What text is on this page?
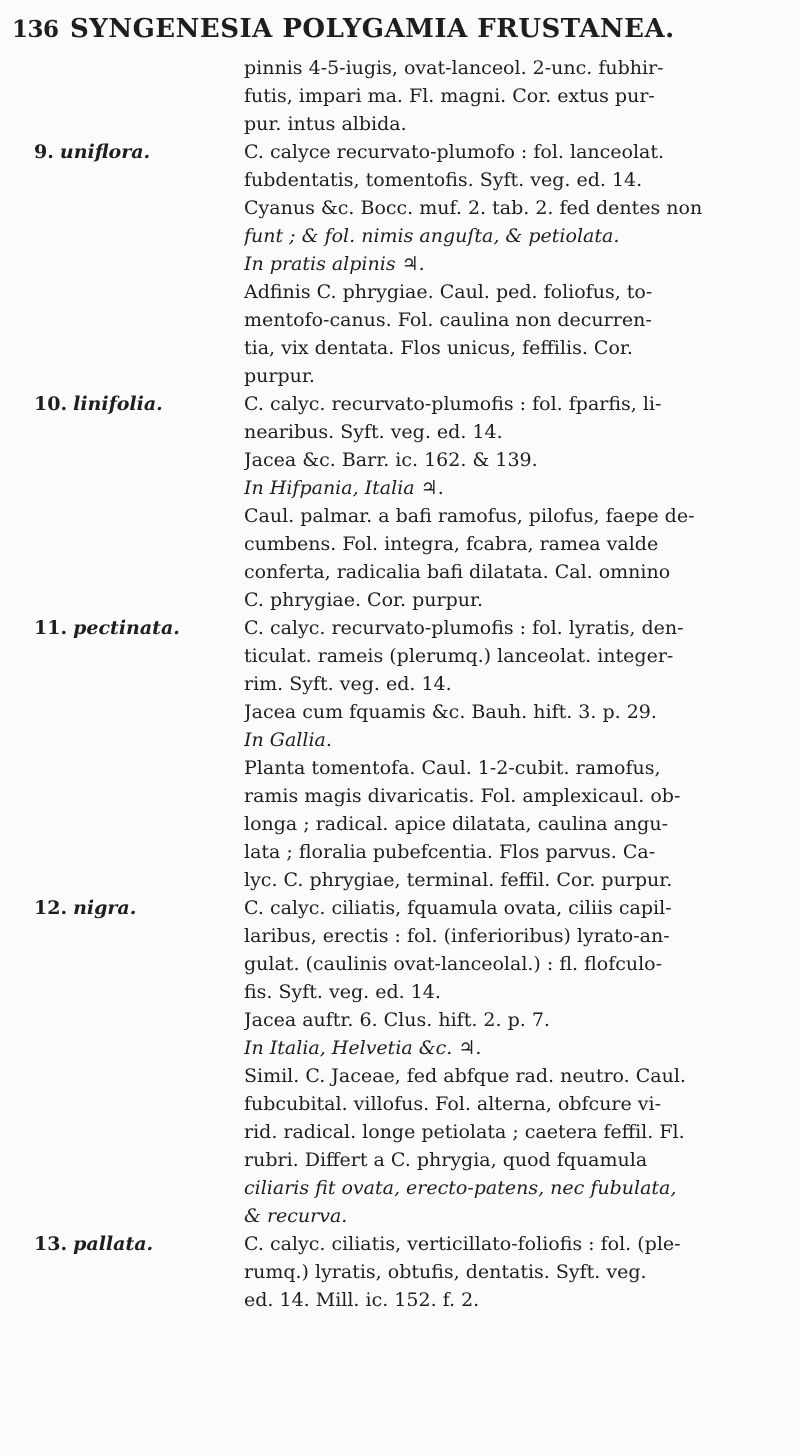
136 SYNGENESIA POLYGAMIA FRUSTANEA.
pinnis 4-5-iugis, ovat-lanceol. 2-unc. fubhir-
futis, impari ma. Fl. magni. Cor. extus pur-
pur. intus albida.
9. uniflora.	C. calyce recurvato-plumofo : fol. lanceolat.
fubdentatis, tomentofis. Syft. veg. ed. 14.
Cyanus &c. Bocc. muf. 2. tab. 2. fed dentes non
funt ; & fol. nimis anguſta, & petiolata.
In pratis alpinis ♃.
Adfinis C. phrygiae. Caul. ped. foliofus, to-
mentofo-canus. Fol. caulina non decurren-
tia, vix dentata. Flos unicus, feffilis. Cor.
purpur.
10. linifolia.	C. calyc. recurvato-plumofis : fol. fparfis, li-
nearibus. Syft. veg. ed. 14.
Jacea &c. Barr. ic. 162. & 139.
In Hifpania, Italia ♃.
Caul. palmar. a bafi ramofus, pilofus, faepe de-
cumbens. Fol. integra, fcabra, ramea valde
conferta, radicalia bafi dilatata. Cal. omnino
C. phrygiae. Cor. purpur.
11. pectinata.	C. calyc. recurvato-plumofis : fol. lyratis, den-
ticulat. rameis (plerumq.) lanceolat. integer-
rim. Syft. veg. ed. 14.
Jacea cum fquamis &c. Bauh. hift. 3. p. 29.
In Gallia.
Planta tomentofa. Caul. 1-2-cubit. ramofus,
ramis magis divaricatis. Fol. amplexicaul. ob-
longa ; radical. apice dilatata, caulina angu-
lata ; floralia pubefcentia. Flos parvus. Ca-
lyc. C. phrygiae, terminal. feffil. Cor. purpur.
12. nigra.	C. calyc. ciliatis, fquamula ovata, ciliis capil-
laribus, erectis : fol. (inferioribus) lyrato-an-
gulat. (caulinis ovat-lanceolal.) : fl. flofculo-
fis. Syft. veg. ed. 14.
Jacea auftr. 6. Clus. hift. 2. p. 7.
In Italia, Helvetia &c. ♃.
Simil. C. Jaceae, fed abfque rad. neutro. Caul.
fubcubital. villofus. Fol. alterna, obfcure vi-
rid. radical. longe petiolata ; caetera feffil. Fl.
rubri. Differt a C. phrygia, quod fquamula
ciliaris fit ovata, erecto-patens, nec fubulata,
& recurva.
13. pallata.	C. calyc. ciliatis, verticillato-foliofis : fol. (ple-
rumq.) lyratis, obtufis, dentatis. Syft. veg.
ed. 14. Mill. ic. 152. f. 2.
